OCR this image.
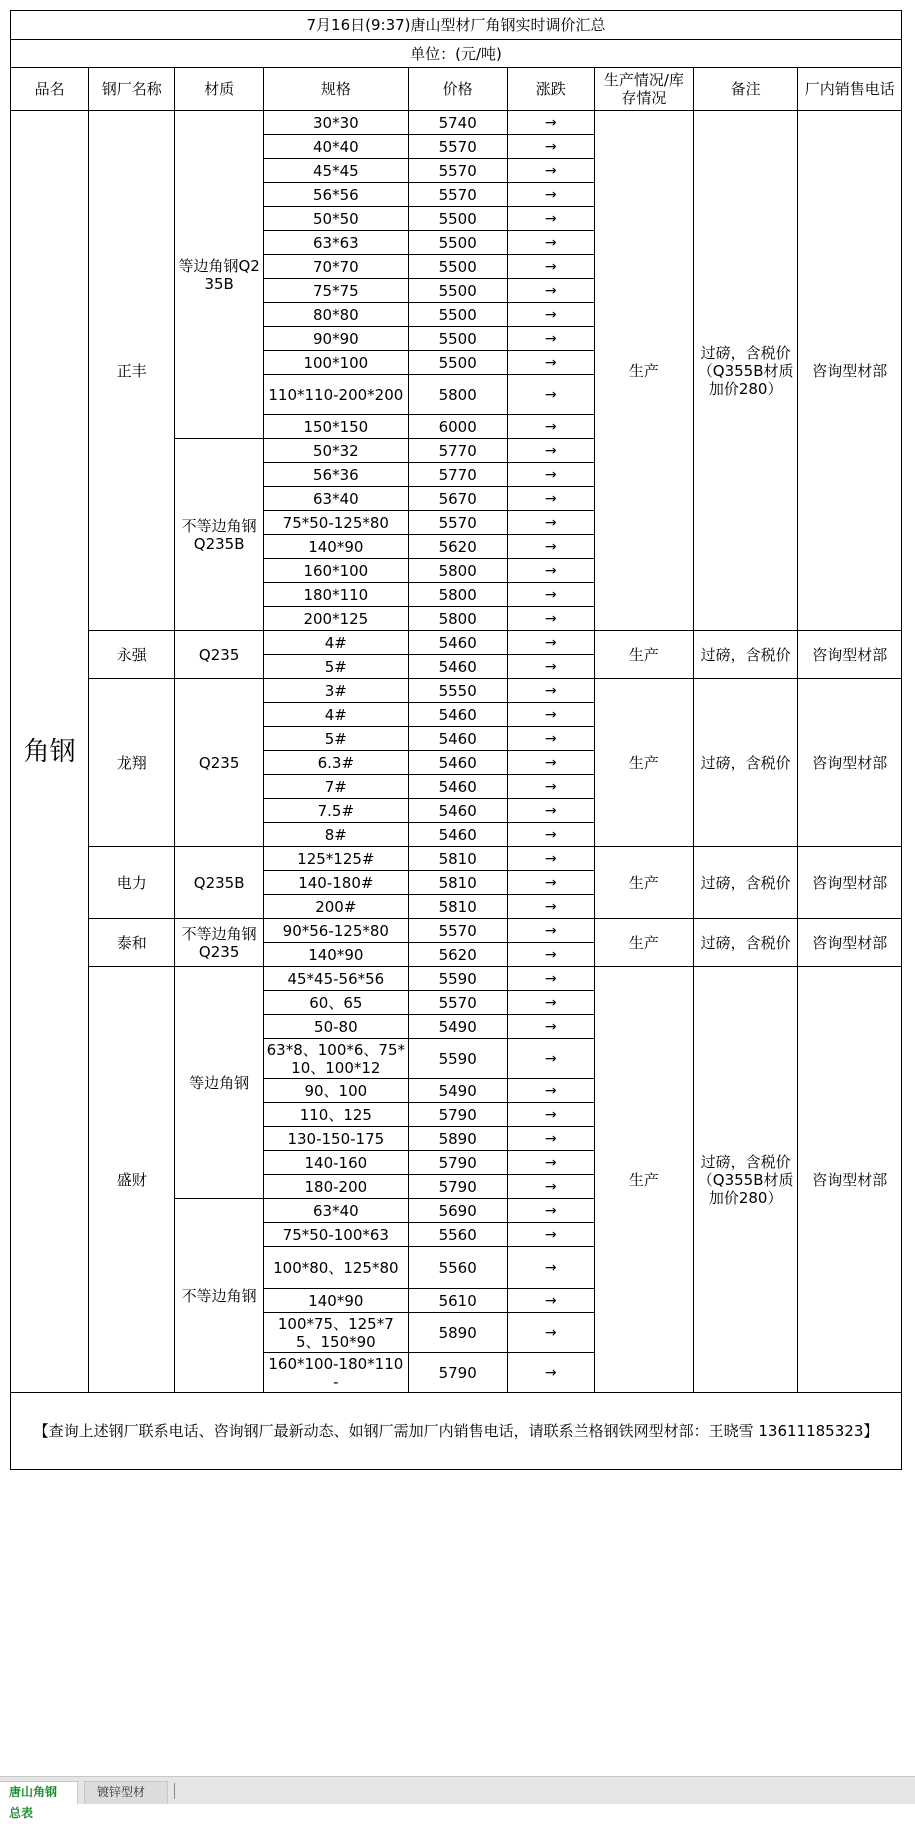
7月16日(9:37)唐山型材厂角钢实时调价汇总								
单位：(元/吨)								
品名	钢厂名称	材质	规格	价格	涨跌	生产情况/库存情况	备注	厂内销售电话
角钢	正丰	等边角钢Q235B	30*30	5740	→	生产	过磅，含税价（Q355B材质加价280）	咨询型材部
			40*40	5570	→			
			45*45	5570	→			
			56*56	5570	→			
			50*50	5500	→			
			63*63	5500	→			
			70*70	5500	→			
			75*75	5500	→			
			80*80	5500	→			
			90*90	5500	→			
			100*100	5500	→			
			110*110-200*200	5800	→			
			150*150	6000	→			
		不等边角钢Q235B	50*32	5770	→			
			56*36	5770	→			
			63*40	5670	→			
			75*50-125*80	5570	→			
			140*90	5620	→			
			160*100	5800	→			
			180*110	5800	→			
			200*125	5800	→			
	永强	Q235	4#	5460	→	生产	过磅，含税价	咨询型材部
			5#	5460	→			
	龙翔	Q235	3#	5550	→	生产	过磅，含税价	咨询型材部
			4#	5460	→			
			5#	5460	→			
			6.3#	5460	→			
			7#	5460	→			
			7.5#	5460	→			
			8#	5460	→			
	电力	Q235B	125*125#	5810	→	生产	过磅，含税价	咨询型材部
			140-180#	5810	→			
			200#	5810	→			
	泰和	不等边角钢Q235	90*56-125*80	5570	→	生产	过磅，含税价	咨询型材部
			140*90	5620	→			
	盛财	等边角钢	45*45-56*56	5590	→	生产	过磅，含税价（Q355B材质加价280）	咨询型材部
			60、65	5570	→			
			50-80	5490	→			
			63*8、100*6、75*10、100*12	5590	→			
			90、100	5490	→			
			110、125	5790	→			
			130-150-175	5890	→			
			140-160	5790	→			
			180-200	5790	→			
		不等边角钢	63*40	5690	→			
			75*50-100*63	5560	→			
			100*80、125*80	5560	→			
			140*90	5610	→			
			100*75、125*75、150*90	5890	→			
			160*100-180*110-	5790	→			
【查询上述钢厂联系电话、咨询钢厂最新动态、如钢厂需加厂内销售电话，请联系兰格钢铁网型材部：王晓雪 13611185323】								
唐山角钢总表
镀锌型材
